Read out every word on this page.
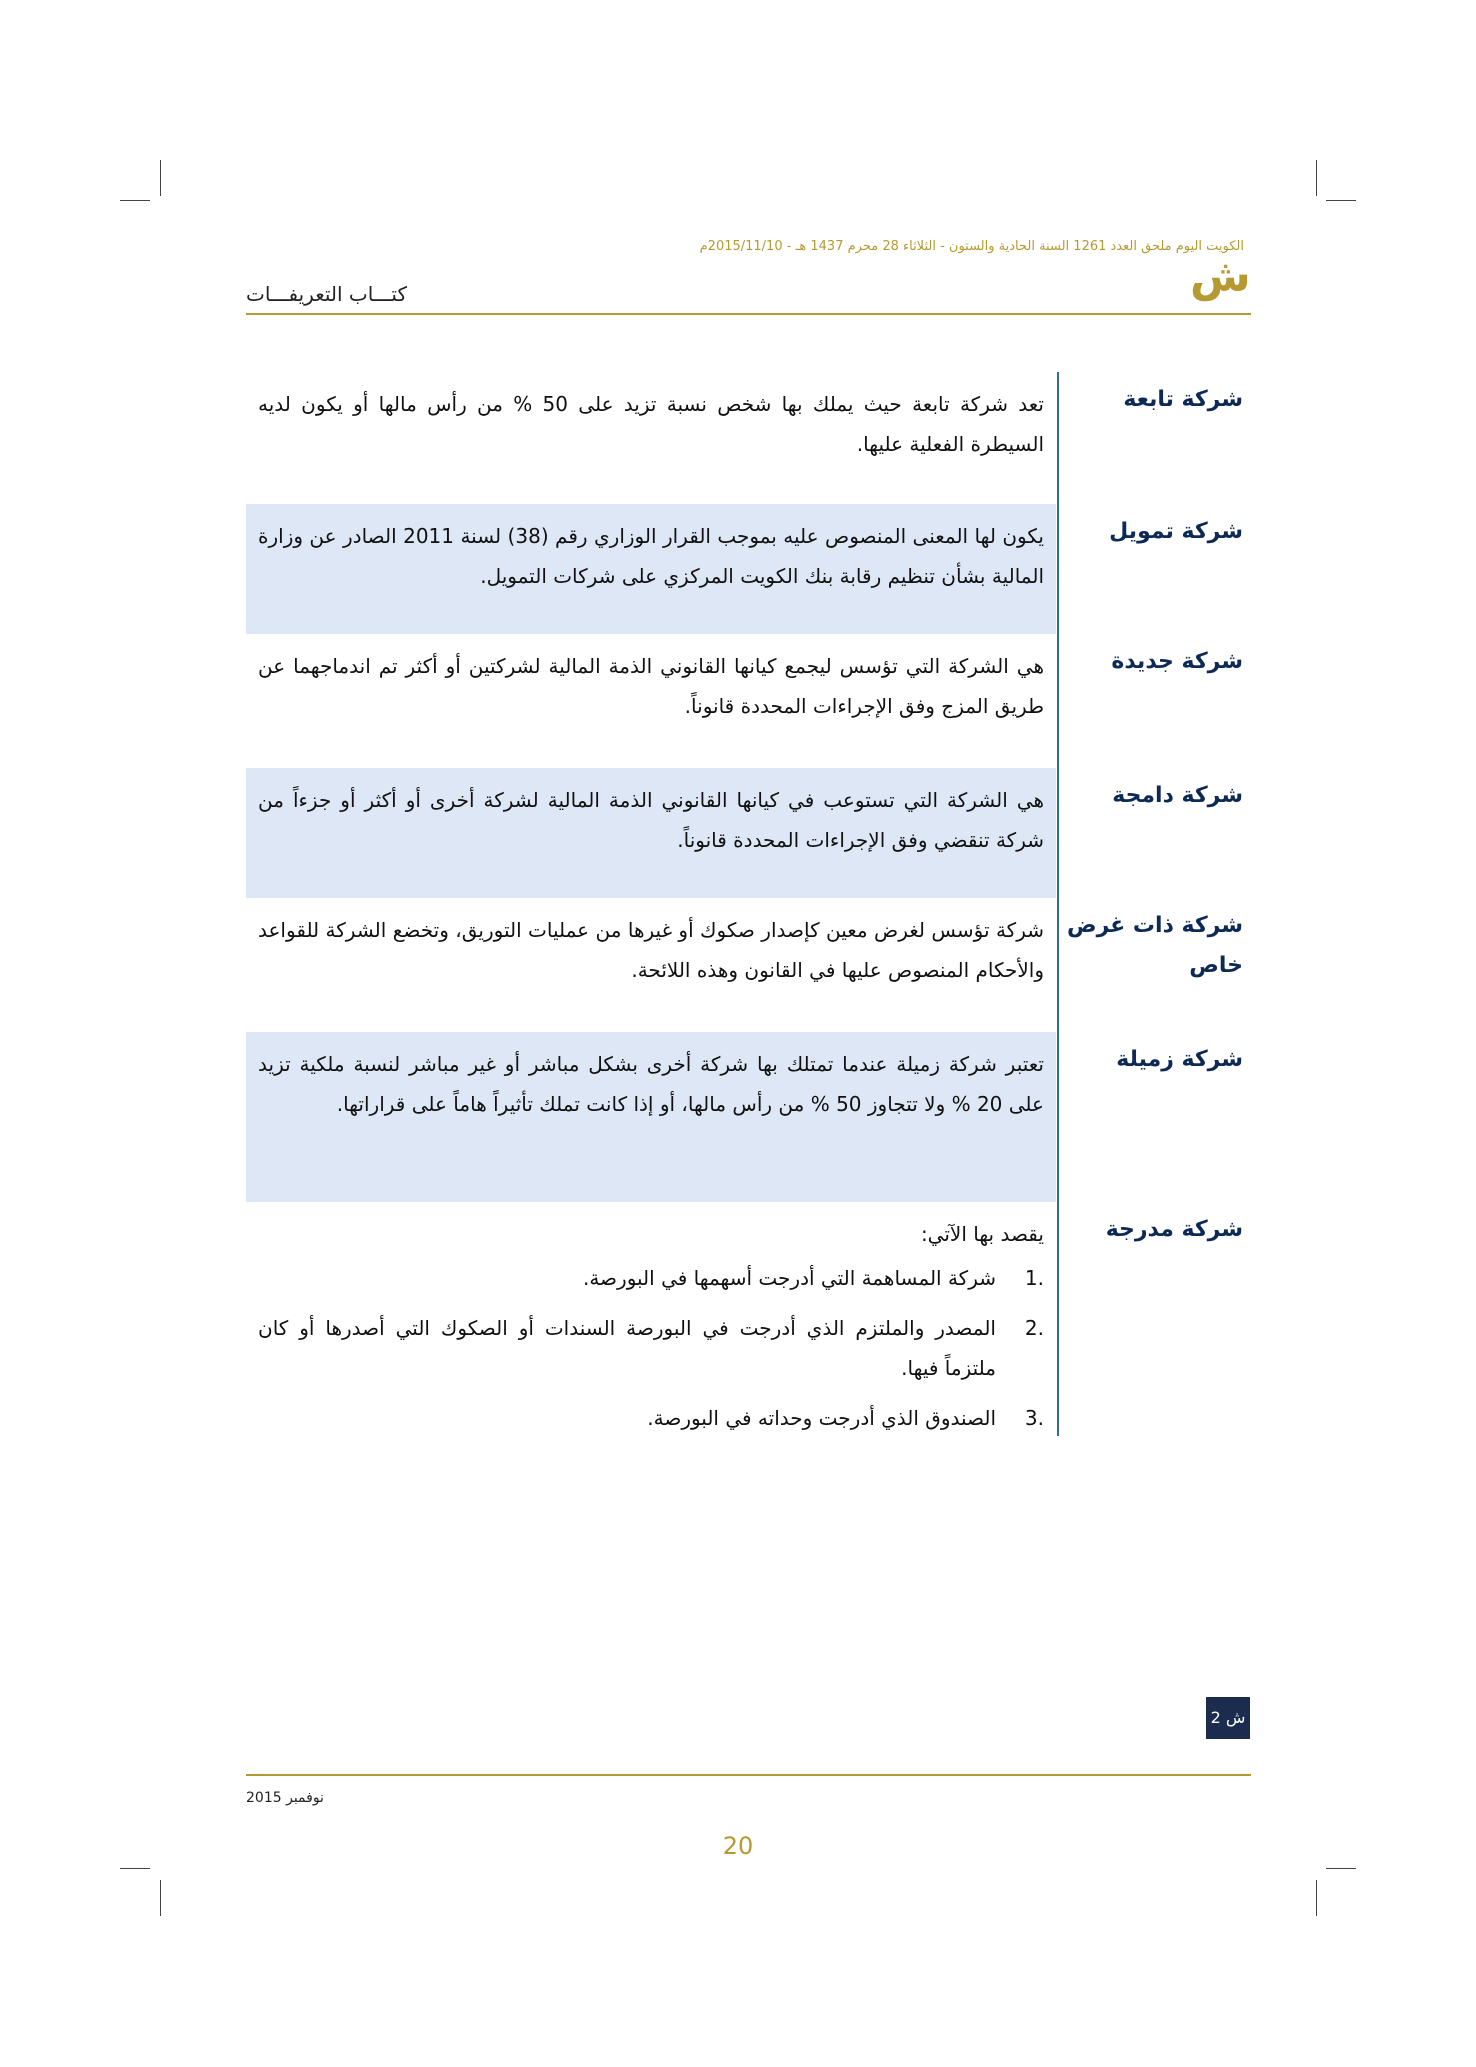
الكويت اليوم ملحق العدد 1261 السنة الحادية والستون - الثلاثاء 28 محرم 1437 هـ - 2015/11/10م
كتـــاب التعريفـــات	ش
تعد شركة تابعة حيث يملك بها شخص نسبة تزيد على 50 % من رأس مالها أو يكون لديه السيطرة الفعلية عليها.
شركة تابعة
يكون لها المعنى المنصوص عليه بموجب القرار الوزاري رقم (38) لسنة 2011 الصادر عن وزارة المالية بشأن تنظيم رقابة بنك الكويت المركزي على شركات التمويل.
شركة تمويل
هي الشركة التي تؤسس ليجمع كيانها القانوني الذمة المالية لشركتين أو أكثر تم اندماجهما عن طريق المزج وفق الإجراءات المحددة قانوناً.
شركة جديدة
هي الشركة التي تستوعب في كيانها القانوني الذمة المالية لشركة أخرى أو أكثر أو جزءاً من شركة تنقضي وفق الإجراءات المحددة قانوناً.
شركة دامجة
شركة تؤسس لغرض معين كإصدار صكوك أو غيرها من عمليات التوريق، وتخضع الشركة للقواعد والأحكام المنصوص عليها في القانون وهذه اللائحة.
شركة ذات غرض خاص
تعتبر شركة زميلة عندما تمتلك بها شركة أخرى بشكل مباشر أو غير مباشر لنسبة ملكية تزيد على 20 % ولا تتجاوز 50 % من رأس مالها، أو إذا كانت تملك تأثيراً هاماً على قراراتها.
شركة زميلة
يقصد بها الآتي:
1.
شركة المساهمة التي أدرجت أسهمها في البورصة.
2.
المصدر والملتزم الذي أدرجت في البورصة السندات أو الصكوك التي أصدرها أو كان ملتزماً فيها.
3.
الصندوق الذي أدرجت وحداته في البورصة.
شركة مدرجة
ش 2
نوفمبر 2015
20
